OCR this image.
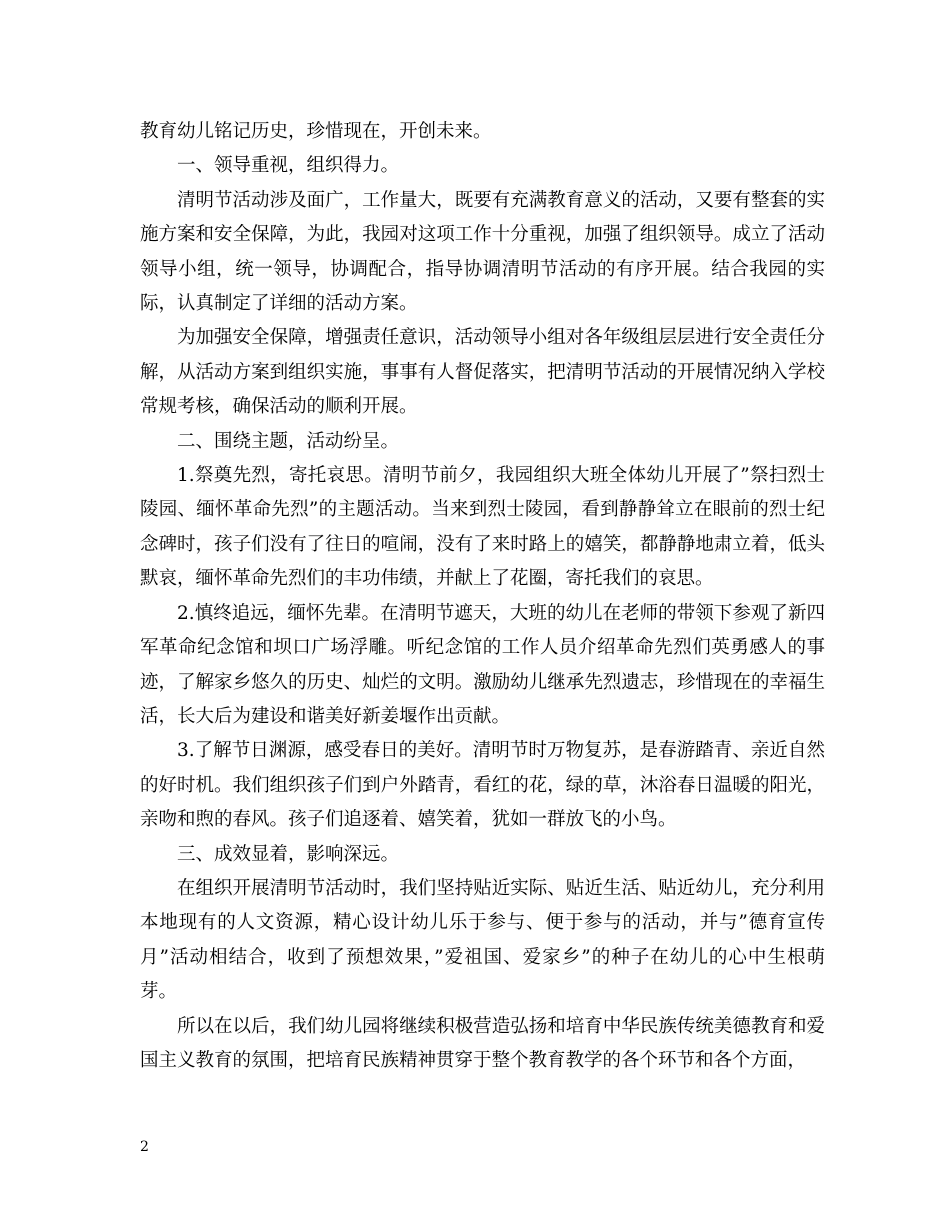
教育幼儿铭记历史，珍惜现在，开创未来。

一、领导重视，组织得力。

清明节活动涉及面广，工作量大，既要有充满教育意义的活动，又要有整套的实施方案和安全保障，为此，我园对这项工作十分重视，加强了组织领导。成立了活动领导小组，统一领导，协调配合，指导协调清明节活动的有序开展。结合我园的实际，认真制定了详细的活动方案。

为加强安全保障，增强责任意识，活动领导小组对各年级组层层进行安全责任分解，从活动方案到组织实施，事事有人督促落实，把清明节活动的开展情况纳入学校常规考核，确保活动的顺利开展。

二、围绕主题，活动纷呈。

1.祭奠先烈，寄托哀思。清明节前夕，我园组织大班全体幼儿开展了”祭扫烈士陵园、缅怀革命先烈”的主题活动。当来到烈士陵园，看到静静耸立在眼前的烈士纪念碑时，孩子们没有了往日的喧闹，没有了来时路上的嬉笑，都静静地肃立着，低头默哀，缅怀革命先烈们的丰功伟绩，并献上了花圈，寄托我们的哀思。

2.慎终追远，缅怀先辈。在清明节遮天，大班的幼儿在老师的带领下参观了新四军革命纪念馆和坝口广场浮雕。听纪念馆的工作人员介绍革命先烈们英勇感人的事迹，了解家乡悠久的历史、灿烂的文明。激励幼儿继承先烈遗志，珍惜现在的幸福生活，长大后为建设和谐美好新姜堰作出贡献。

3.了解节日渊源，感受春日的美好。清明节时万物复苏，是春游踏青、亲近自然的好时机。我们组织孩子们到户外踏青，看红的花，绿的草，沐浴春日温暖的阳光，亲吻和煦的春风。孩子们追逐着、嬉笑着，犹如一群放飞的小鸟。

三、成效显着，影响深远。

在组织开展清明节活动时，我们坚持贴近实际、贴近生活、贴近幼儿，充分利用本地现有的人文资源，精心设计幼儿乐于参与、便于参与的活动，并与”德育宣传月”活动相结合，收到了预想效果，”爱祖国、爱家乡”的种子在幼儿的心中生根萌芽。

所以在以后，我们幼儿园将继续积极营造弘扬和培育中华民族传统美德教育和爱国主义教育的氛围，把培育民族精神贯穿于整个教育教学的各个环节和各个方面，

2
